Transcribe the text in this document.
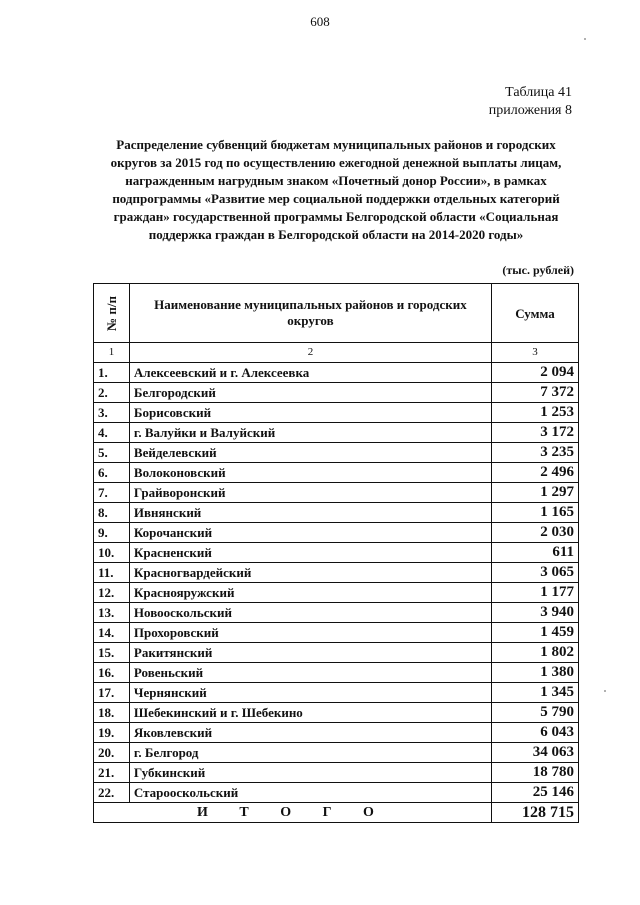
608
Таблица 41
приложения 8
Распределение субвенций бюджетам муниципальных районов и городских округов за 2015 год по осуществлению ежегодной денежной выплаты лицам, награжденным нагрудным знаком «Почетный донор России», в рамках подпрограммы «Развитие мер социальной поддержки отдельных категорий граждан» государственной программы Белгородской области «Социальная поддержка граждан в Белгородской области на 2014-2020 годы»
(тыс. рублей)
№ п/п	Наименование муниципальных районов и городских округов	Сумма
1	2	3
1.	Алексеевский и г. Алексеевка	2 094
2.	Белгородский	7 372
3.	Борисовский	1 253
4.	г. Валуйки и Валуйский	3 172
5.	Вейделевский	3 235
6.	Волоконовский	2 496
7.	Грайворонский	1 297
8.	Ивнянский	1 165
9.	Корочанский	2 030
10.	Красненский	611
11.	Красногвардейский	3 065
12.	Краснояружский	1 177
13.	Новооскольский	3 940
14.	Прохоровский	1 459
15.	Ракитянский	1 802
16.	Ровеньский	1 380
17.	Чернянский	1 345
18.	Шебекинский и г. Шебекино	5 790
19.	Яковлевский	6 043
20.	г. Белгород	34 063
21.	Губкинский	18 780
22.	Старооскольский	25 146
И Т О Г О		128 715
